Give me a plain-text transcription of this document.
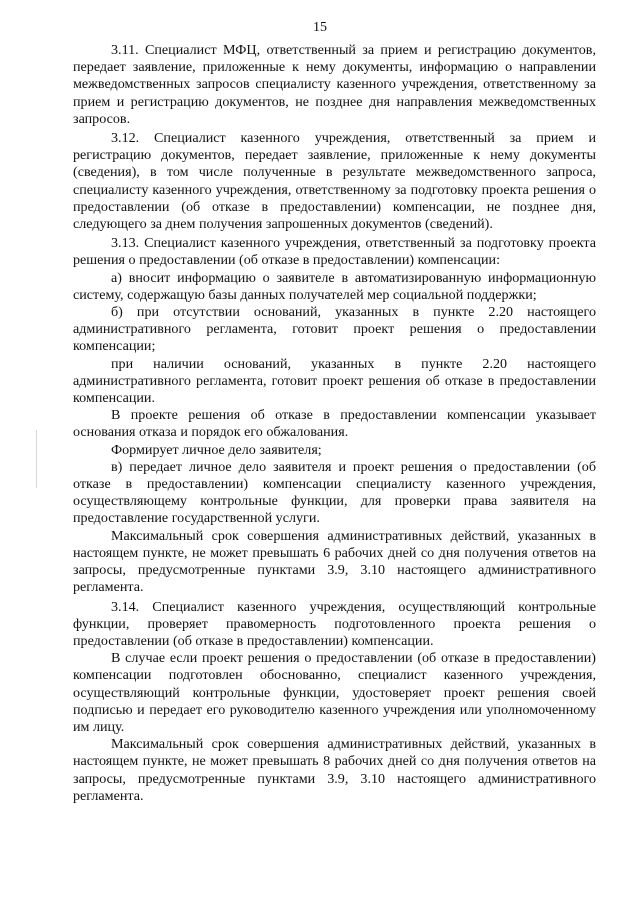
15

3.11. Специалист МФЦ, ответственный за прием и регистрацию документов, передает заявление, приложенные к нему документы, информацию о направлении межведомственных запросов специалисту казенного учреждения, ответственному за прием и регистрацию документов, не позднее дня направления межведомственных запросов.

3.12. Специалист казенного учреждения, ответственный за прием и регистрацию документов, передает заявление, приложенные к нему документы (сведения), в том числе полученные в результате межведомственного запроса, специалисту казенного учреждения, ответственному за подготовку проекта решения о предоставлении (об отказе в предоставлении) компенсации, не позднее дня, следующего за днем получения запрошенных документов (сведений).

3.13. Специалист казенного учреждения, ответственный за подготовку проекта решения о предоставлении (об отказе в предоставлении) компенсации:

а) вносит информацию о заявителе в автоматизированную информационную систему, содержащую базы данных получателей мер социальной поддержки;

б) при отсутствии оснований, указанных в пункте 2.20 настоящего административного регламента, готовит проект решения о предоставлении компенсации;

при наличии оснований, указанных в пункте 2.20 настоящего административного регламента, готовит проект решения об отказе в предоставлении компенсации.

В проекте решения об отказе в предоставлении компенсации указывает основания отказа и порядок его обжалования.

Формирует личное дело заявителя;

в) передает личное дело заявителя и проект решения о предоставлении (об отказе в предоставлении) компенсации специалисту казенного учреждения, осуществляющему контрольные функции, для проверки права заявителя на предоставление государственной услуги.

Максимальный срок совершения административных действий, указанных в настоящем пункте, не может превышать 6 рабочих дней со дня получения ответов на запросы, предусмотренные пунктами 3.9, 3.10 настоящего административного регламента.

3.14. Специалист казенного учреждения, осуществляющий контрольные функции, проверяет правомерность подготовленного проекта решения о предоставлении (об отказе в предоставлении) компенсации.

В случае если проект решения о предоставлении (об отказе в предоставлении) компенсации подготовлен обоснованно, специалист казенного учреждения, осуществляющий контрольные функции, удостоверяет проект решения своей подписью и передает его руководителю казенного учреждения или уполномоченному им лицу.

Максимальный срок совершения административных действий, указанных в настоящем пункте, не может превышать 8 рабочих дней со дня получения ответов на запросы, предусмотренные пунктами 3.9, 3.10 настоящего административного регламента.
